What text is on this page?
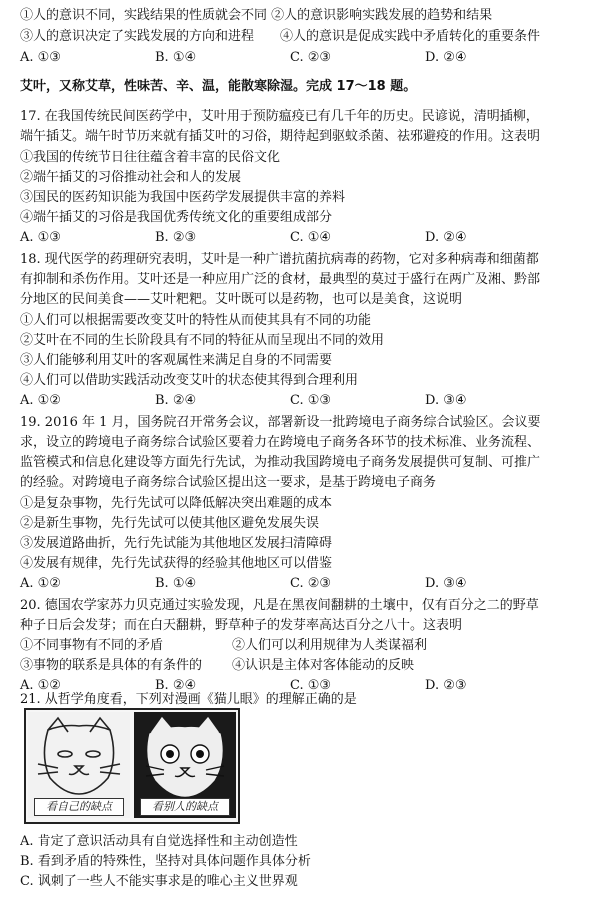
①人的意识不同，实践结果的性质就会不同 ②人的意识影响实践发展的趋势和结果
③人的意识决定了实践发展的方向和进程 ④人的意识是促成实践中矛盾转化的重要条件
A. ①③	B. ①④	C. ②③	D. ②④
艾叶，又称艾草，性味苦、辛、温，能散寒除湿。完成 17～18 题。
17. 在我国传统民间医药学中，艾叶用于预防瘟疫已有几千年的历史。民谚说，清明插柳，
端午插艾。端午时节历来就有插艾叶的习俗，期待起到驱蚊杀菌、祛邪避疫的作用。这表明
①我国的传统节日往往蕴含着丰富的民俗文化
②端午插艾的习俗推动社会和人的发展
③国民的医药知识能为我国中医药学发展提供丰富的养料
④端午插艾的习俗是我国优秀传统文化的重要组成部分
A. ①③	B. ②③	C. ①④	D. ②④
18. 现代医学的药理研究表明，艾叶是一种广谱抗菌抗病毒的药物，它对多种病毒和细菌都
有抑制和杀伤作用。艾叶还是一种应用广泛的食材，最典型的莫过于盛行在两广及湘、黔部
分地区的民间美食——艾叶粑粑。艾叶既可以是药物，也可以是美食，这说明
①人们可以根据需要改变艾叶的特性从而使其具有不同的功能
②艾叶在不同的生长阶段具有不同的特征从而呈现出不同的效用
③人们能够利用艾叶的客观属性来满足自身的不同需要
④人们可以借助实践活动改变艾叶的状态使其得到合理利用
A. ①②	B. ②④	C. ①③	D. ③④
19. 2016 年 1 月，国务院召开常务会议，部署新设一批跨境电子商务综合试验区。会议要
求，设立的跨境电子商务综合试验区要着力在跨境电子商务各环节的技术标准、业务流程、
监管模式和信息化建设等方面先行先试，为推动我国跨境电子商务发展提供可复制、可推广
的经验。对跨境电子商务综合试验区提出这一要求，是基于跨境电子商务
①是复杂事物，先行先试可以降低解决突出难题的成本
②是新生事物，先行先试可以使其他区避免发展失误
③发展道路曲折，先行先试能为其他地区发展扫清障碍
④发展有规律，先行先试获得的经验其他地区可以借鉴
A. ①②	B. ①④	C. ②③	D. ③④
20. 德国农学家苏力贝克通过实验发现，凡是在黑夜间翻耕的土壤中，仅有百分之二的野草
种子日后会发芽；而在白天翻耕，野草种子的发芽率高达百分之八十。这表明
①不同事物有不同的矛盾	②人们可以利用规律为人类谋福利
③事物的联系是具体的有条件的 ④认识是主体对客体能动的反映
A. ①②	B. ②④	C. ①③	D. ②③
21. 从哲学角度看，下列对漫画《猫儿眼》的理解正确的是
看自己的缺点	看别人的缺点
A. 肯定了意识活动具有自觉选择性和主动创造性
B. 看到矛盾的特殊性，坚持对具体问题作具体分析
C. 讽刺了一些人不能实事求是的唯心主义世界观
